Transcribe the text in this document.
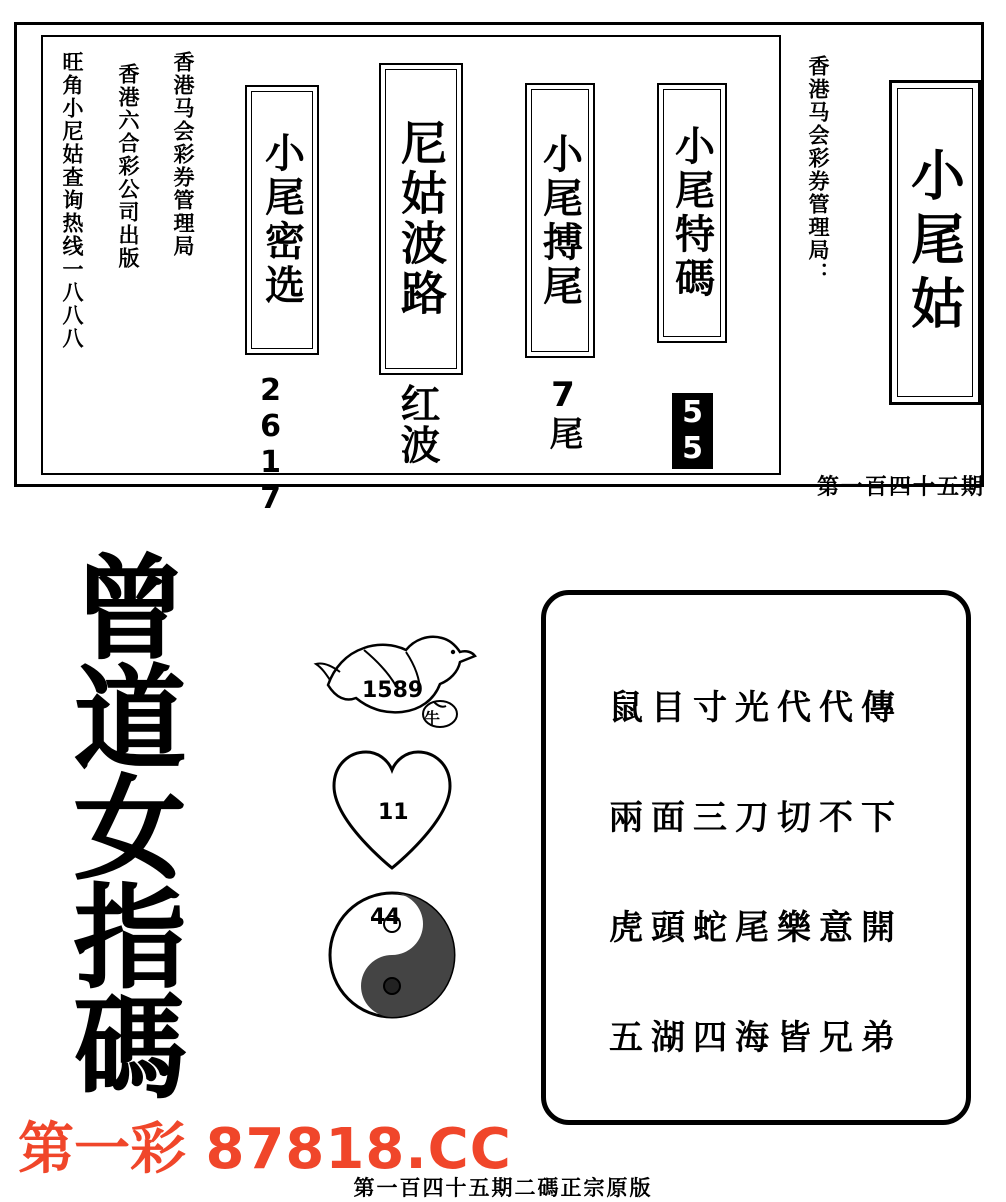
旺角小尼姑查询热线一八八八	香港马会彩券管理局
香港六合彩公司出版	小尾密选
2617
尼姑波路
红波
小尾搏尾
7尾
小尾特碼
55
香港马会彩券管理局： 小尾姑
第一百四十五期
曾
道
女
指
碼
1589
牛
11
44
鼠目寸光代代傳
兩面三刀切不下
虎頭蛇尾樂意開
五湖四海皆兄弟
第一彩 87818.CC
第一百四十五期二碼正宗原版
